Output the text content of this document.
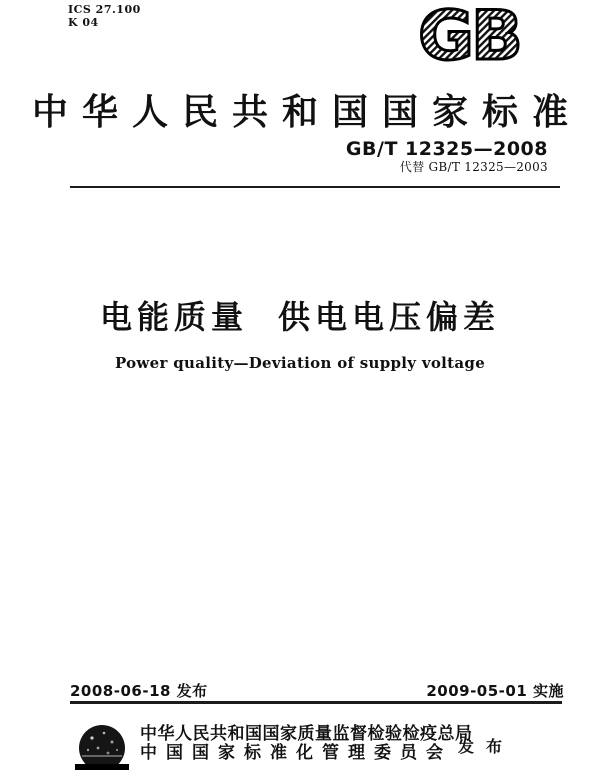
ICS 27.100
K 04	GB
中华人民共和国国家标准
GB/T 12325—2008
代替 GB/T 12325—2003
电能质量 供电电压偏差
Power quality—Deviation of supply voltage
2008-06-18 发布	2009-05-01 实施
中华人民共和国国家质量监督检验检疫总局
中国国家标准化管理委员会 发布
